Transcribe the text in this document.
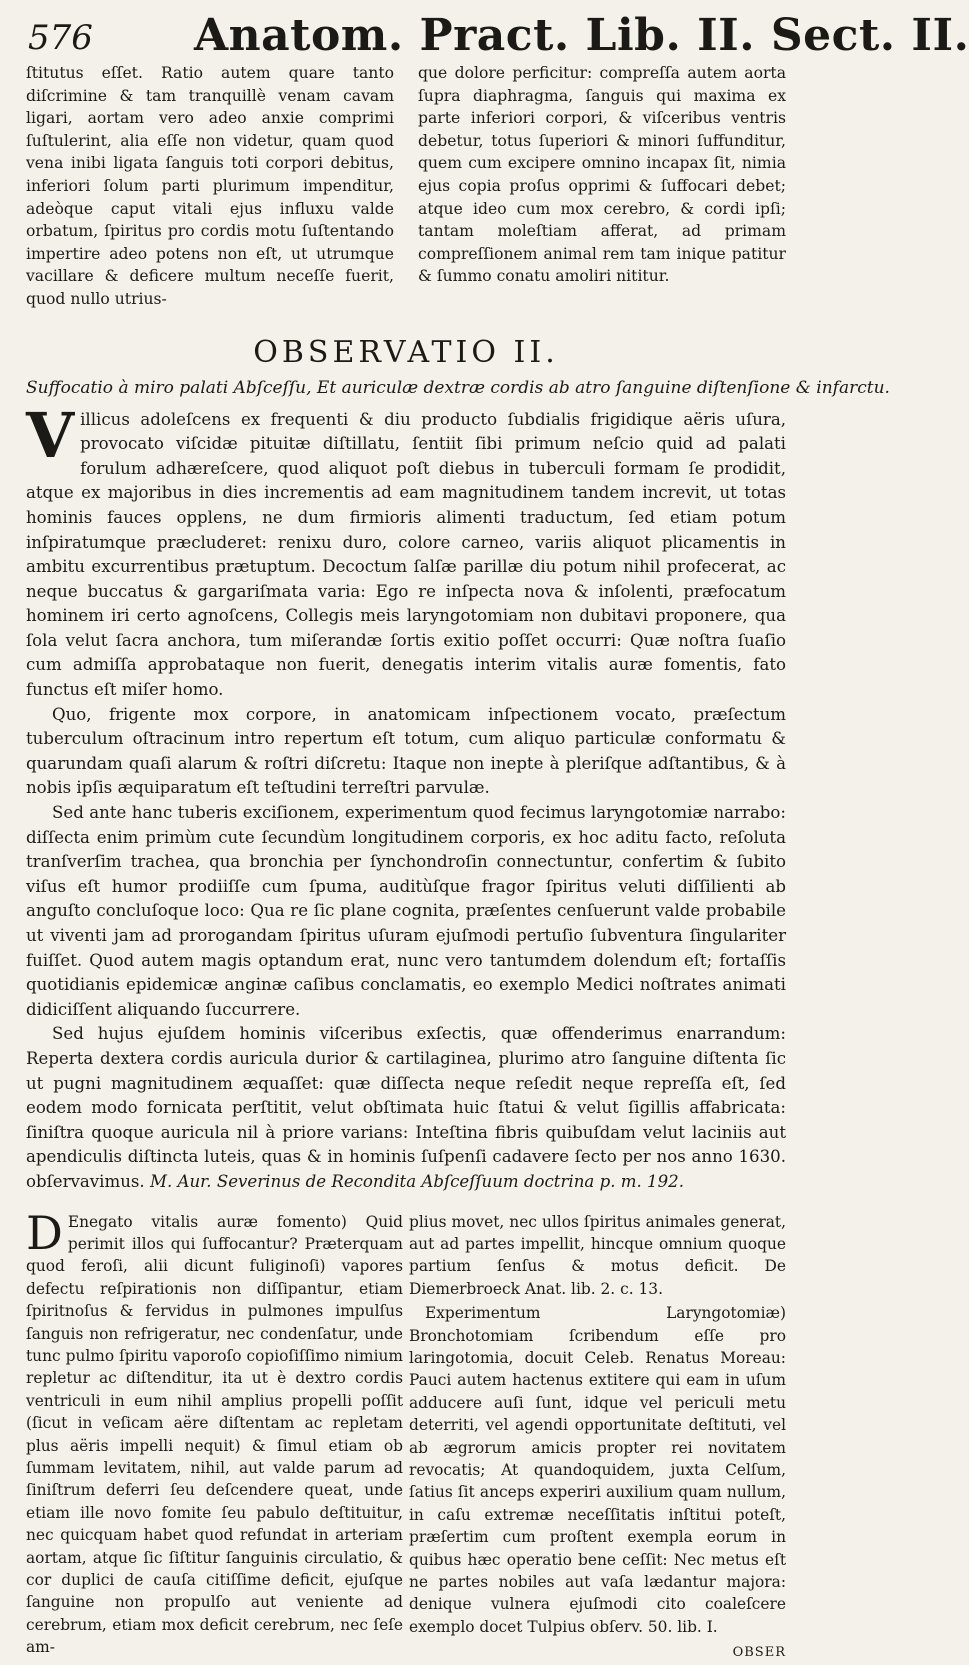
576 Anatom. Pract. Lib. II. Sect. II.

ſtitutus eſſet. Ratio autem quare tanto diſcrimine & tam tranquillè venam cavam ligari, aortam vero adeo anxie comprimi ſuſtulerint, alia eſſe non videtur, quam quod vena inibi ligata ſanguis toti corpori debitus, inferiori ſolum parti plurimum impenditur, adeòque caput vitali ejus influxu valde orbatum, ſpiritus pro cordis motu ſuſtentando impertire adeo potens non eſt, ut utrumque vacillare & deficere multum neceſſe fuerit, quod nullo utrius-

que dolore perficitur: compreſſa autem aorta ſupra diaphragma, ſanguis qui maxima ex parte inferiori corpori, & viſceribus ventris debetur, totus ſuperiori & minori ſuffunditur, quem cum excipere omnino incapax ſit, nimia ejus copia proſus opprimi & ſuffocari debet; atque ideo cum mox cerebro, & cordi ipſi; tantam moleſtiam afferat, ad primam compreſſionem animal rem tam inique patitur & ſummo conatu amoliri nititur.

OBSERVATIO II.
Suffocatio à miro palati Abſceſſu, Et auriculæ dextræ cordis ab atro ſanguine diſtenſione & infarctu.

Villicus adoleſcens ex frequenti & diu producto ſubdialis frigidique aëris uſura, provocato viſcidæ pituitæ diſtillatu, ſentiit ſibi primum neſcio quid ad palati forulum adhæreſcere, quod aliquot poſt diebus in tuberculi formam ſe prodidit, atque ex majoribus in dies incrementis ad eam magnitudinem tandem increvit, ut totas hominis fauces opplens, ne dum firmioris alimenti traductum, ſed etiam potum inſpiratumque præcluderet: renixu duro, colore carneo, variis aliquot plicamentis in ambitu excurrentibus prætuptum. Decoctum ſalſæ parillæ diu potum nihil profecerat, ac neque buccatus & gargariſmata varia: Ego re inſpecta nova & inſolenti, præfocatum hominem iri certo agnoſcens, Collegis meis laryngotomiam non dubitavi proponere, qua ſola velut ſacra anchora, tum miſerandæ ſortis exitio poſſet occurri: Quæ noſtra ſuaſio cum admiſſa approbataque non fuerit, denegatis interim vitalis auræ fomentis, fato functus eſt miſer homo.

Quo, frigente mox corpore, in anatomicam inſpectionem vocato, præſectum tuberculum oſtracinum intro repertum eſt totum, cum aliquo particulæ conformatu & quarundam quaſi alarum & roſtri diſcretu: Itaque non inepte à pleriſque adſtantibus, & à nobis ipſis æquiparatum eſt teſtudini terreſtri parvulæ.

Sed ante hanc tuberis exciſionem, experimentum quod fecimus laryngotomiæ narrabo: diſſecta enim primùm cute ſecundùm longitudinem corporis, ex hoc aditu facto, reſoluta tranſverſim trachea, qua bronchia per ſynchondroſin connectuntur, confertim & ſubito viſus eſt humor prodiiſſe cum ſpuma, auditùſque fragor ſpiritus veluti diſſilienti ab anguſto concluſoque loco: Qua re ſic plane cognita, præſentes cenſuerunt valde probabile ut viventi jam ad prorogandam ſpiritus uſuram ejuſmodi pertuſio ſubventura ſingulariter fuiſſet. Quod autem magis optandum erat, nunc vero tantumdem dolendum eſt; fortaſſis quotidianis epidemicæ anginæ caſibus conclamatis, eo exemplo Medici noſtrates animati didiciſſent aliquando ſuccurrere.

Sed hujus ejuſdem hominis viſceribus exſectis, quæ offenderimus enarrandum: Reperta dextera cordis auricula durior & cartilaginea, plurimo atro ſanguine diſtenta ſic ut pugni magnitudinem æquaſſet: quæ diſſecta neque reſedit neque repreſſa eſt, ſed eodem modo fornicata perſtitit, velut obſtimata huic ſtatui & velut ſigillis affabricata: ſiniſtra quoque auricula nil à priore varians: Inteſtina fibris quibuſdam velut laciniis aut apendiculis diſtincta luteis, quas & in hominis ſuſpenſi cadavere ſecto per nos anno 1630. obſervavimus. M. Aur. Severinus de Recondita Abſceſſuum doctrina p. m. 192.

D Enegato vitalis auræ fomento) Quid perimit illos qui ſuffocantur? Præterquam quod feroſi, alii dicunt fuliginoſi) vapores defectu reſpirationis non diſſipantur, etiam ſpiritnoſus & fervidus in pulmones impulſus ſanguis non refrigeratur, nec condenſatur, unde tunc pulmo ſpiritu vaporoſo copioſiſſimo nimium repletur ac diſtenditur, ita ut è dextro cordis ventriculi in eum nihil amplius propelli poſſit (ſicut in veſicam aëre diſtentam ac repletam plus aëris impelli nequit) & ſimul etiam ob ſummam levitatem, nihil, aut valde parum ad ſiniſtrum deferri ſeu deſcendere queat, unde etiam ille novo fomite ſeu pabulo deſtituitur, nec quicquam habet quod refundat in arteriam aortam, atque ſic ſiſtitur ſanguinis circulatio, & cor duplici de cauſa citiſſime deficit, ejuſque ſanguine non propulſo aut veniente ad cerebrum, etiam mox deficit cerebrum, nec ſeſe am-

plius movet, nec ullos ſpiritus animales generat, aut ad partes impellit, hincque omnium quoque partium ſenſus & motus deficit. De Diemerbroeck Anat. lib. 2. c. 13.

Experimentum Laryngotomiæ) Bronchotomiam ſcribendum eſſe pro laringotomia, docuit Celeb. Renatus Moreau: Pauci autem hactenus extitere qui eam in uſum adducere auſi ſunt, idque vel periculi metu deterriti, vel agendi opportunitate deſtituti, vel ab ægrorum amicis propter rei novitatem revocatis; At quandoquidem, juxta Celſum, ſatius ſit anceps experiri auxilium quam nullum, in caſu extremæ neceſſitatis inſtitui poteſt, præſertim cum proſtent exempla eorum in quibus hæc operatio bene ceſſit: Nec metus eſt ne partes nobiles aut vaſa lædantur majora: denique vulnera ejuſmodi cito coaleſcere exemplo docet Tulpius obſerv. 50. lib. I.

OBSER
